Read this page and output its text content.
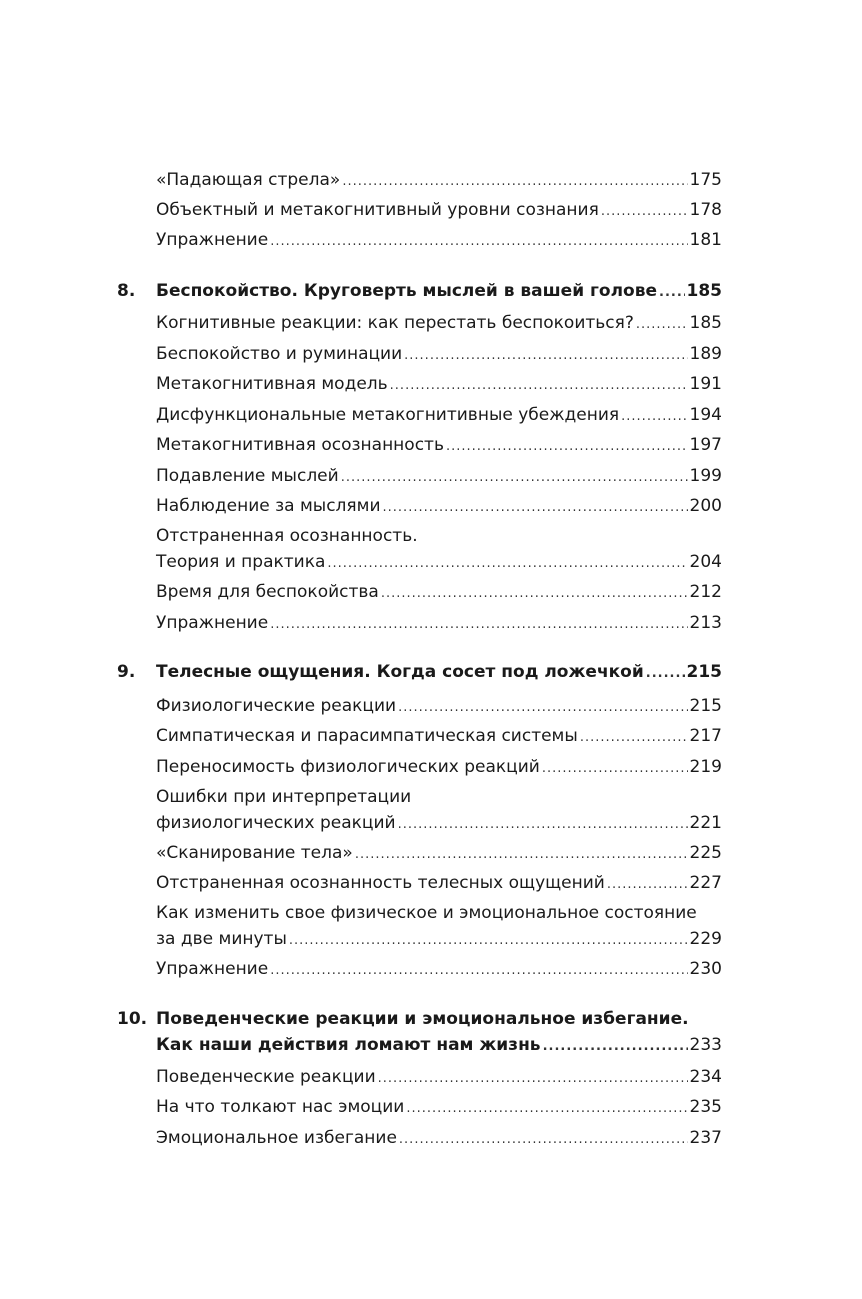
«Падающая стрела» .....	175
Объектный и метакогнитивный уровни сознания .....	178
Упражнение .....	181
8. Беспокойство. Круговерть мыслей в вашей голове ..... 185
Когнитивные реакции: как перестать беспокоиться? .....	185
Беспокойство и руминации .....	189
Метакогнитивная модель .....	191
Дисфункциональные метакогнитивные убеждения .....	194
Метакогнитивная осознанность .....	197
Подавление мыслей .....	199
Наблюдение за мыслями .....	200
Отстраненная осознанность.
Теория и практика .....	204
Время для беспокойства .....	212
Упражнение .....	213
9. Телесные ощущения. Когда сосет под ложечкой .....	215
Физиологические реакции .....	215
Симпатическая и парасимпатическая системы .....	217
Переносимость физиологических реакций .....	219
Ошибки при интерпретации
физиологических реакций .....	221
«Сканирование тела» .....	225
Отстраненная осознанность телесных ощущений .....	227
Как изменить свое физическое и эмоциональное состояние
за две минуты .....	229
Упражнение .....	230
10. Поведенческие реакции и эмоциональное избегание.
Как наши действия ломают нам жизнь .....	233
Поведенческие реакции .....	234
На что толкают нас эмоции .....	235
Эмоциональное избегание .....	237
